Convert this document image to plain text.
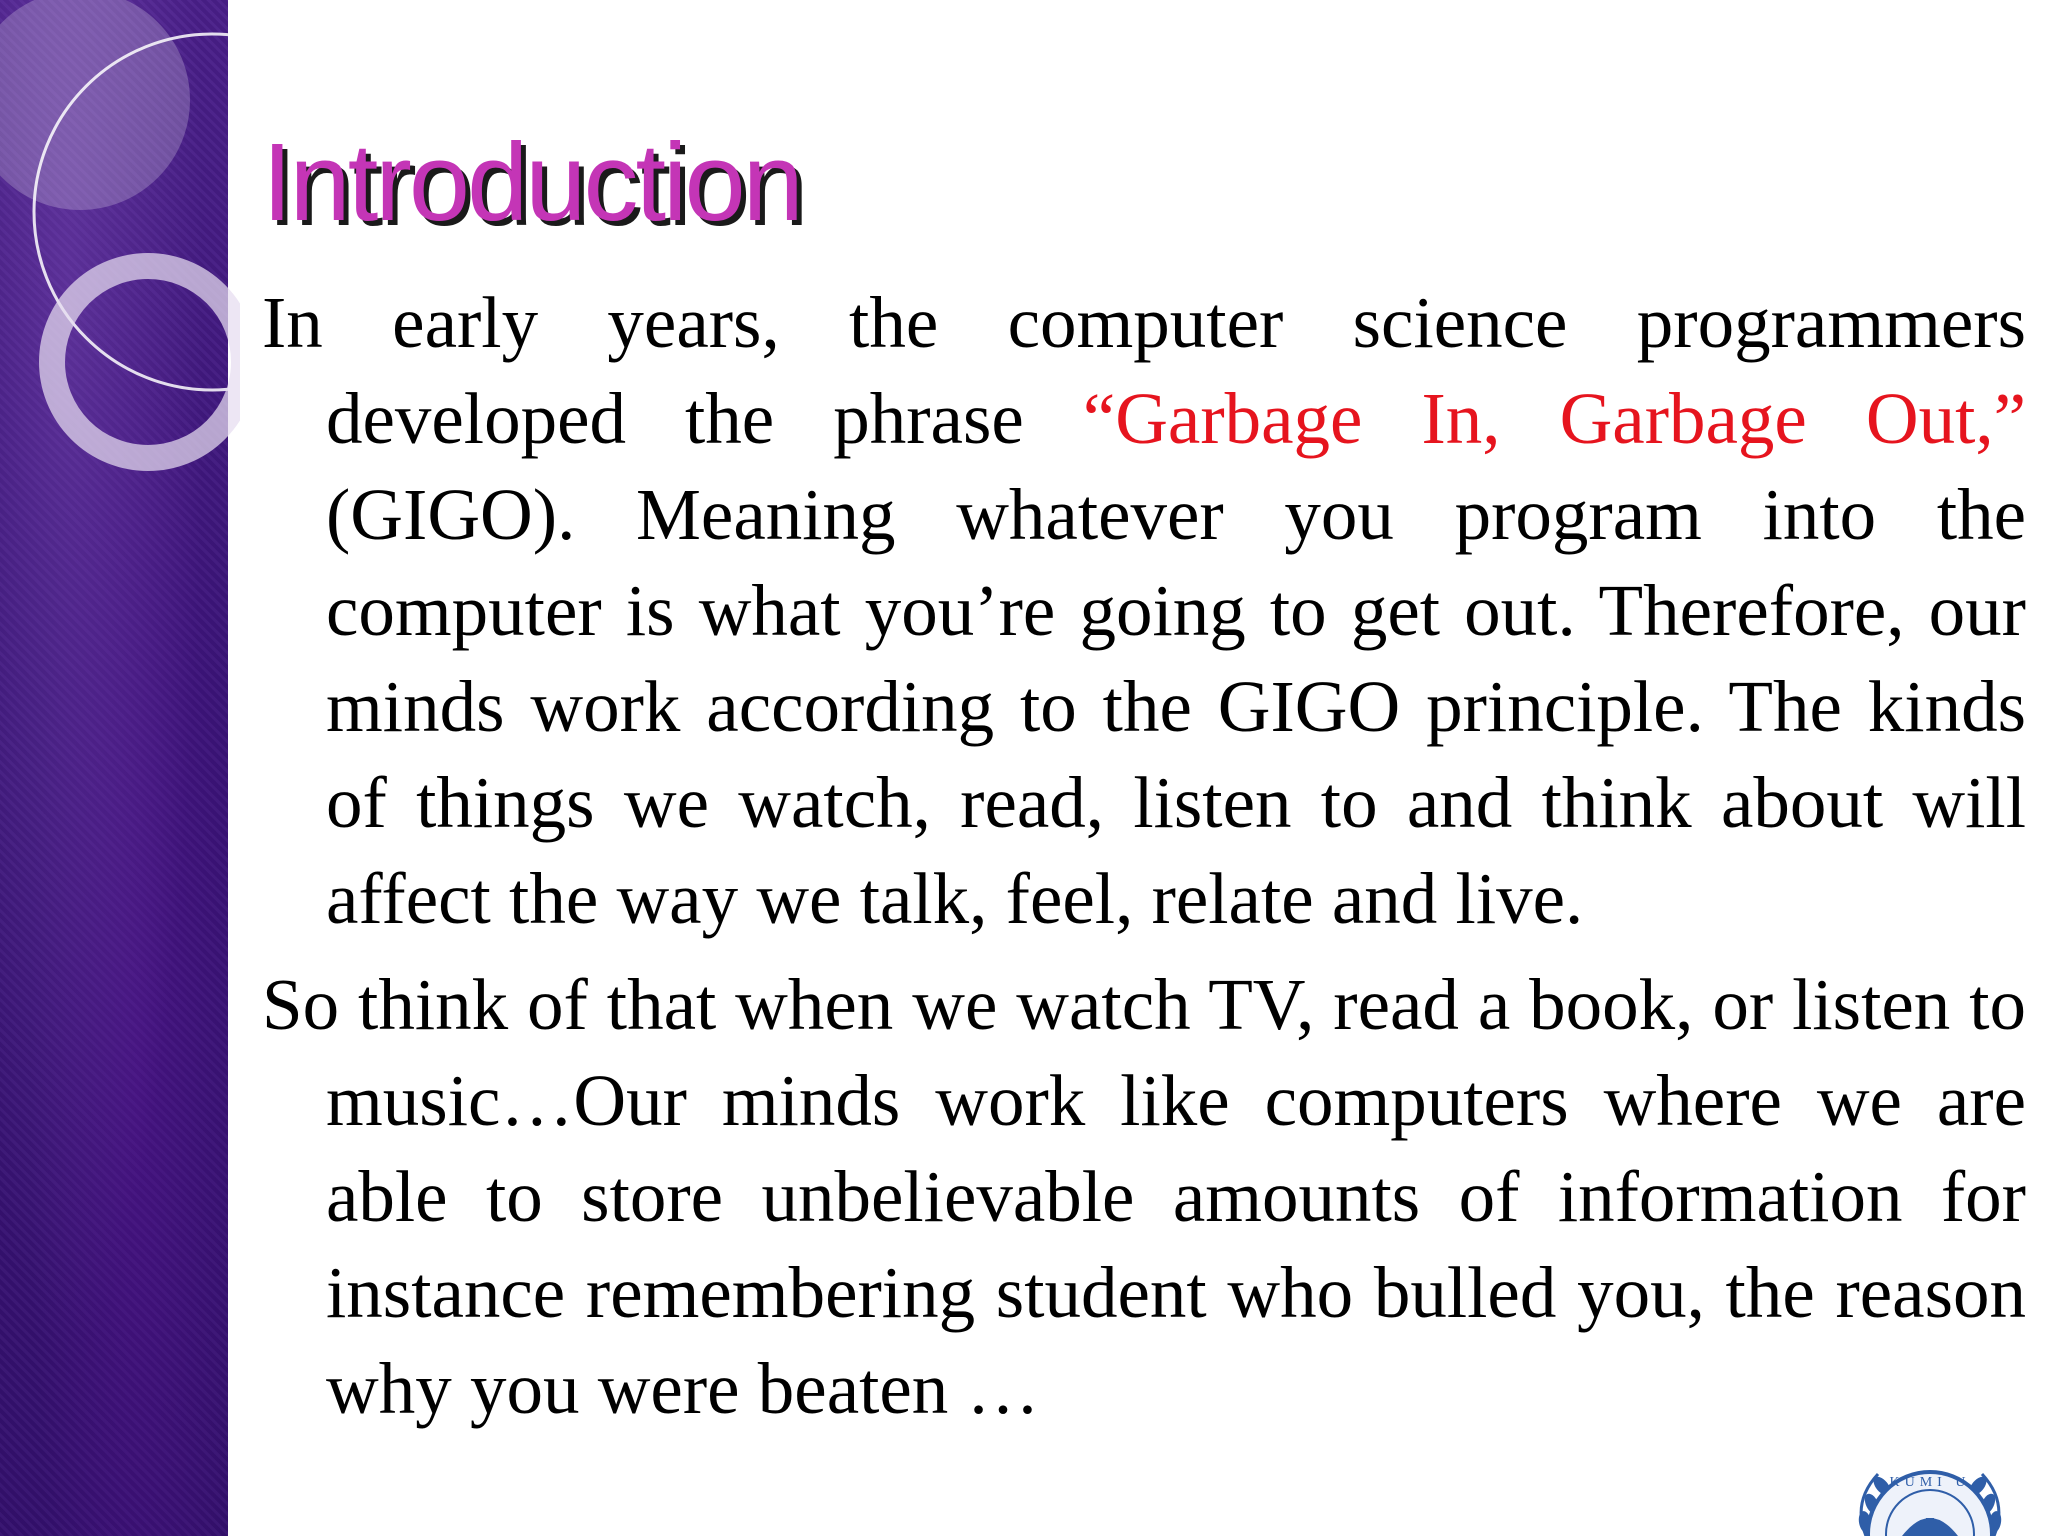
Introduction

In early years, the computer science programmers developed the phrase “Garbage In, Garbage Out,” (GIGO). Meaning whatever you program into the computer is what you’re going to get out. Therefore, our minds work according to the GIGO principle. The kinds of things we watch, read, listen to and think about will affect the way we talk, feel, relate and live.

So think of that when we watch TV, read a book, or listen to music…Our minds work like computers where we are able to store unbelievable amounts of information for instance remembering student who bulled you, the reason why you were beaten …

KUMI U
